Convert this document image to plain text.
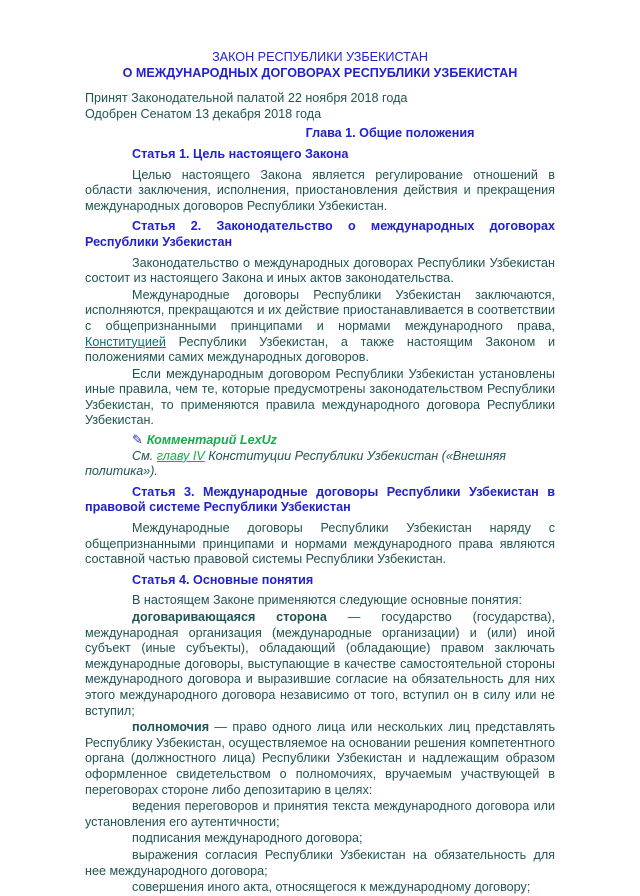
ЗАКОН РЕСПУБЛИКИ УЗБЕКИСТАН

О МЕЖДУНАРОДНЫХ ДОГОВОРАХ РЕСПУБЛИКИ УЗБЕКИСТАН

Принят Законодательной палатой 22 ноября 2018 года

Одобрен Сенатом 13 декабря 2018 года

Глава 1. Общие положения

Статья 1. Цель настоящего Закона

Целью настоящего Закона является регулирование отношений в области заключения, исполнения, приостановления действия и прекращения международных договоров Республики Узбекистан.

Статья 2. Законодательство о международных договорах Республики Узбекистан

Законодательство о международных договорах Республики Узбекистан состоит из настоящего Закона и иных актов законодательства.

Международные договоры Республики Узбекистан заключаются, исполняются, прекращаются и их действие приостанавливается в соответствии с общепризнанными принципами и нормами международного права, Конституцией Республики Узбекистан, а также настоящим Законом и положениями самих международных договоров.

Если международным договором Республики Узбекистан установлены иные правила, чем те, которые предусмотрены законодательством Республики Узбекистан, то применяются правила международного договора Республики Узбекистан.

✎ Комментарий LexUz

См. главу IV Конституции Республики Узбекистан («Внешняя политика»).

Статья 3. Международные договоры Республики Узбекистан в правовой системе Республики Узбекистан

Международные договоры Республики Узбекистан наряду с общепризнанными принципами и нормами международного права являются составной частью правовой системы Республики Узбекистан.

Статья 4. Основные понятия

В настоящем Законе применяются следующие основные понятия:

договаривающаяся сторона — государство (государства), международная организация (международные организации) и (или) иной субъект (иные субъекты), обладающий (обладающие) правом заключать международные договоры, выступающие в качестве самостоятельной стороны международного договора и выразившие согласие на обязательность для них этого международного договора независимо от того, вступил он в силу или не вступил;

полномочия — право одного лица или нескольких лиц представлять Республику Узбекистан, осуществляемое на основании решения компетентного органа (должностного лица) Республики Узбекистан и надлежащим образом оформленное свидетельством о полномочиях, вручаемым участвующей в переговорах стороне либо депозитарию в целях:

ведения переговоров и принятия текста международного договора или установления его аутентичности;

подписания международного договора;

выражения согласия Республики Узбекистан на обязательность для нее международного договора;

совершения иного акта, относящегося к международному договору;
